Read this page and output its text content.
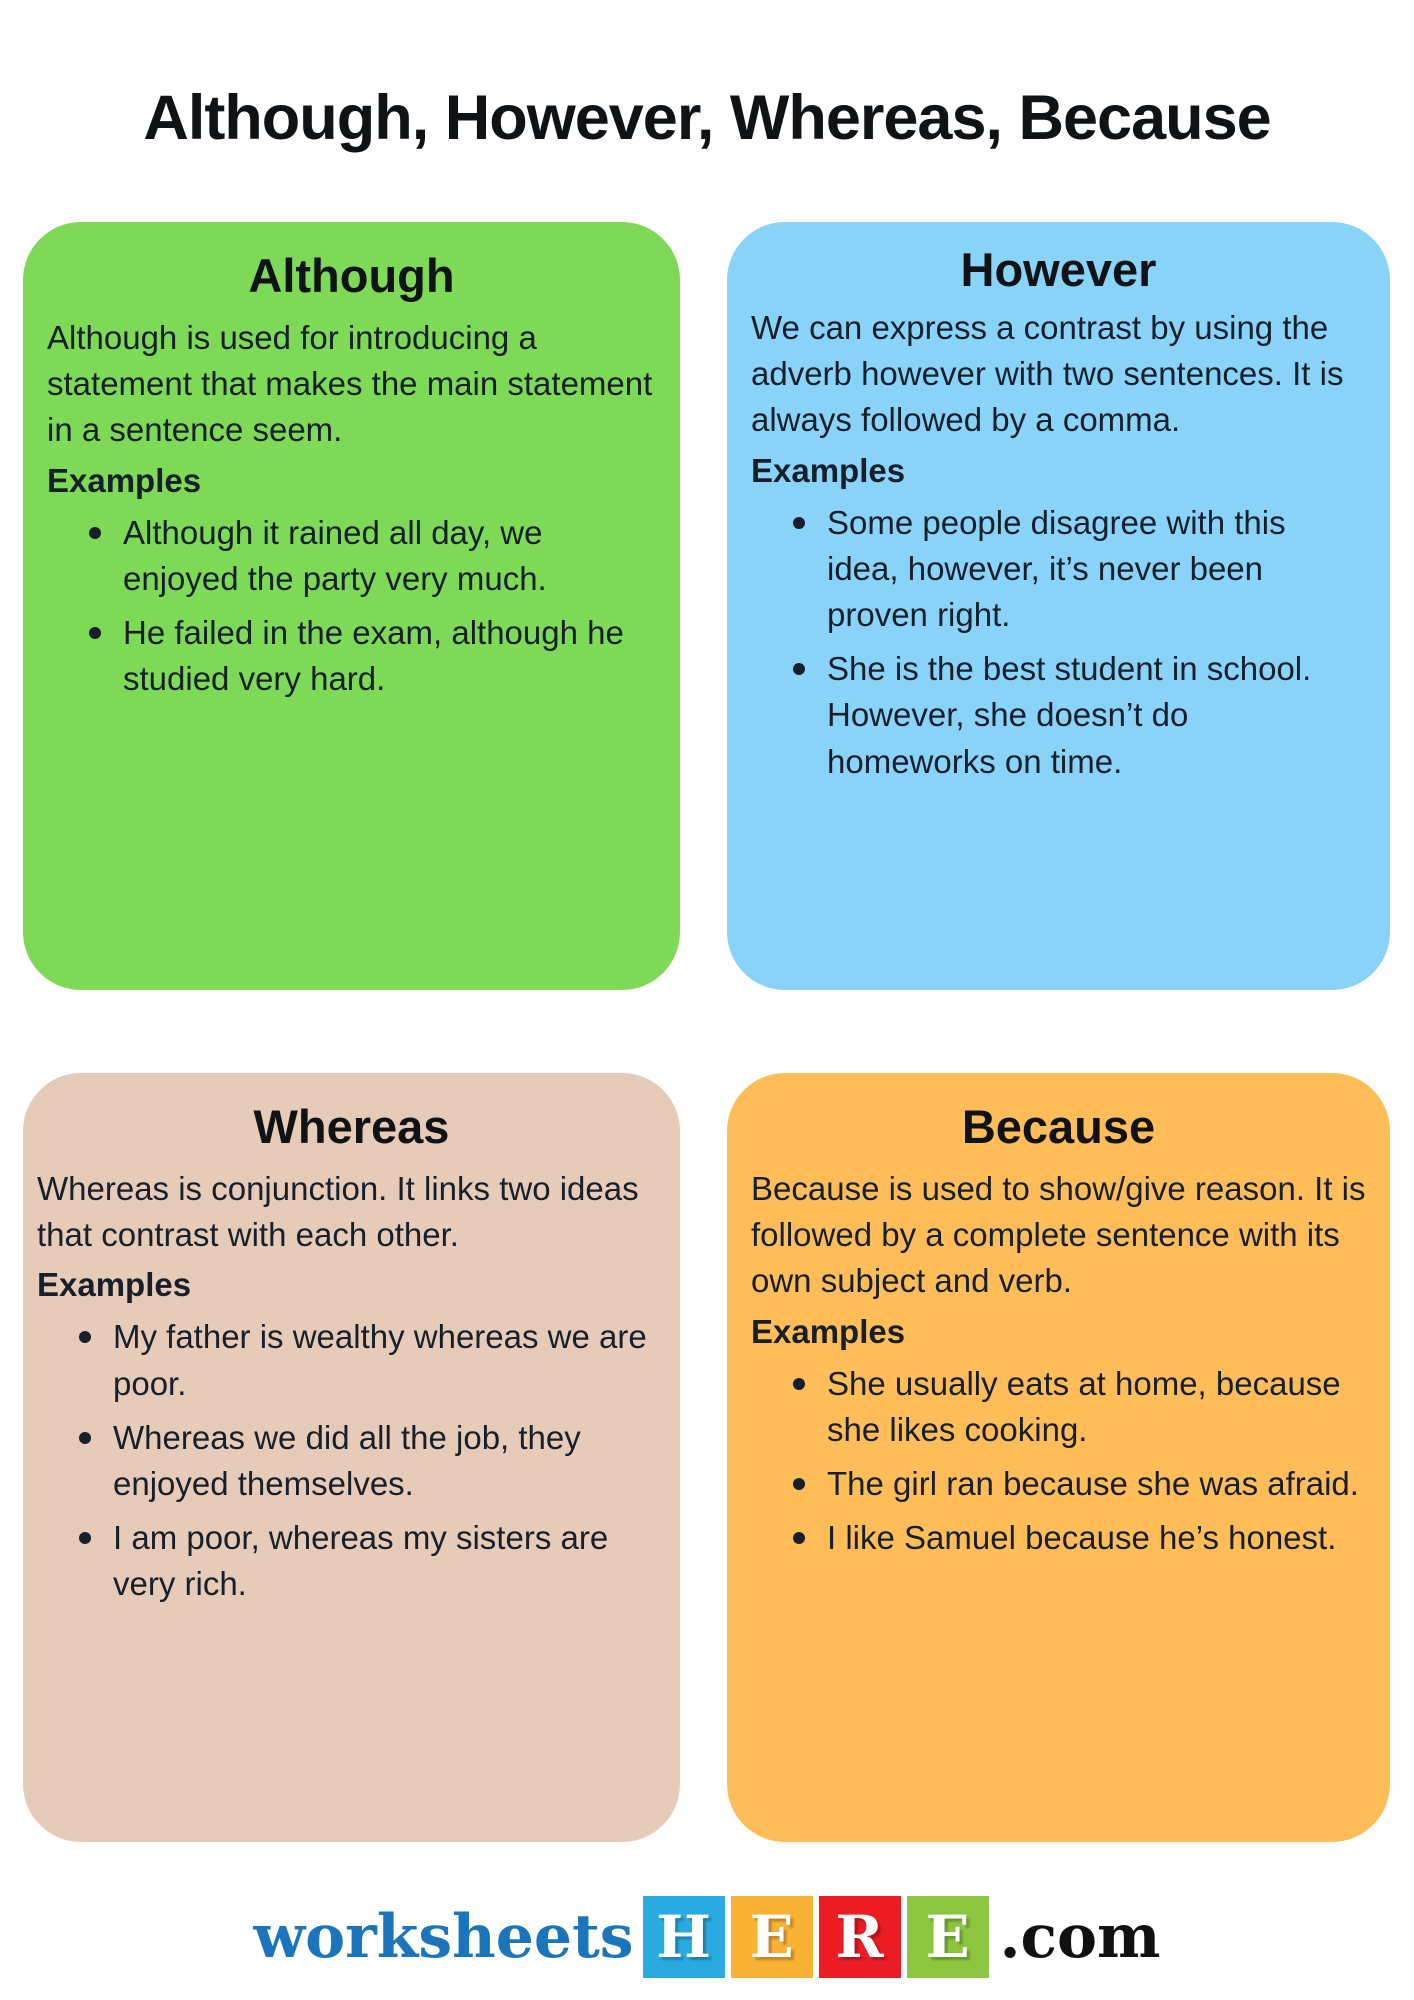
Although, However, Whereas, Because
Although
Although is used for introducing a statement that makes the main statement in a sentence seem.
Examples
Although it rained all day, we enjoyed the party very much.
He failed in the exam, although he studied very hard.
However
We can express a contrast by using the adverb however with two sentences. It is always followed by a comma.
Examples
Some people disagree with this idea, however, it’s never been proven right.
She is the best student in school. However, she doesn’t do homeworks on time.
Whereas
Whereas is conjunction. It links two ideas that contrast with each other.
Examples
My father is wealthy whereas we are poor.
Whereas we did all the job, they enjoyed themselves.
I am poor, whereas my sisters are very rich.
Because
Because is used to show/give reason. It is followed by a complete sentence with its own subject and verb.
Examples
She usually eats at home, because she likes cooking.
The girl ran because she was afraid.
I like Samuel because he’s honest.
worksheets H E R E .com
